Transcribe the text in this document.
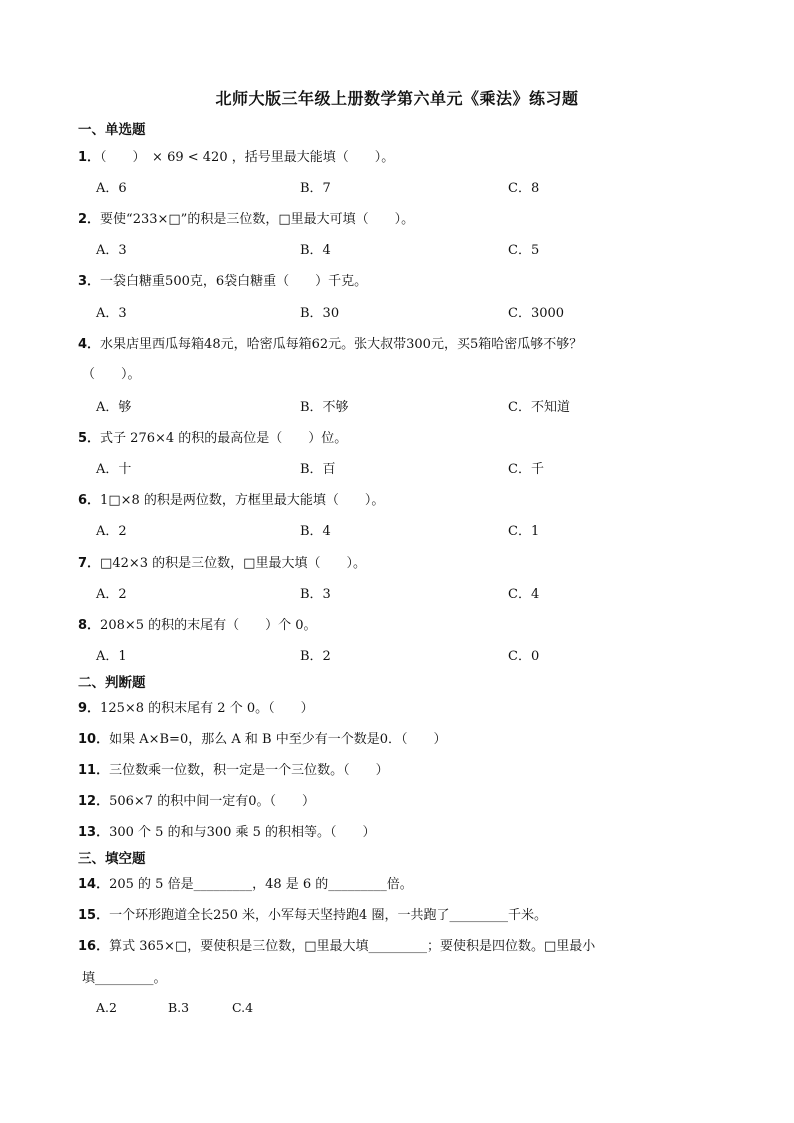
北师大版三年级上册数学第六单元《乘法》练习题
一、单选题
1．（　　）　× 69 < 420 ，括号里最大能填（　　）。
A．6	B．7	C．8
2．要使“233×□”的积是三位数，□里最大可填（　　）。
A．3	B．4	C．5
3．一袋白糖重500克，6袋白糖重（　　）千克。
A．3	B．30	C．3000
4．水果店里西瓜每箱48元，哈密瓜每箱62元。张大叔带300元，买5箱哈密瓜够不够？
（　　）。
A．够	B．不够	C．不知道
5．式子 276×4 的积的最高位是（　　）位。
A．十	B．百	C．千
6．1□×8 的积是两位数，方框里最大能填（　　）。
A．2	B．4	C．1
7．□42×3 的积是三位数，□里最大填（　　）。
A．2	B．3	C．4
8．208×5 的积的末尾有（　　）个 0。
A．1	B．2	C．0
二、判断题
9．125×8 的积末尾有 2 个 0。（　　）
10．如果 A×B=0，那么 A 和 B 中至少有一个数是0．（　　）
11．三位数乘一位数，积一定是一个三位数。（　　）
12．506×7 的积中间一定有0。（　　）
13．300 个 5 的和与300 乘 5 的积相等。（　　）
三、填空题
14．205 的 5 倍是_________，48 是 6 的_________倍。
15．一个环形跑道全长250 米，小军每天坚持跑4 圈，一共跑了_________千米。
16．算式 365×□，要使积是三位数，□里最大填_________；要使积是四位数。□里最小
填_________。
A.2	B.3	C.4
